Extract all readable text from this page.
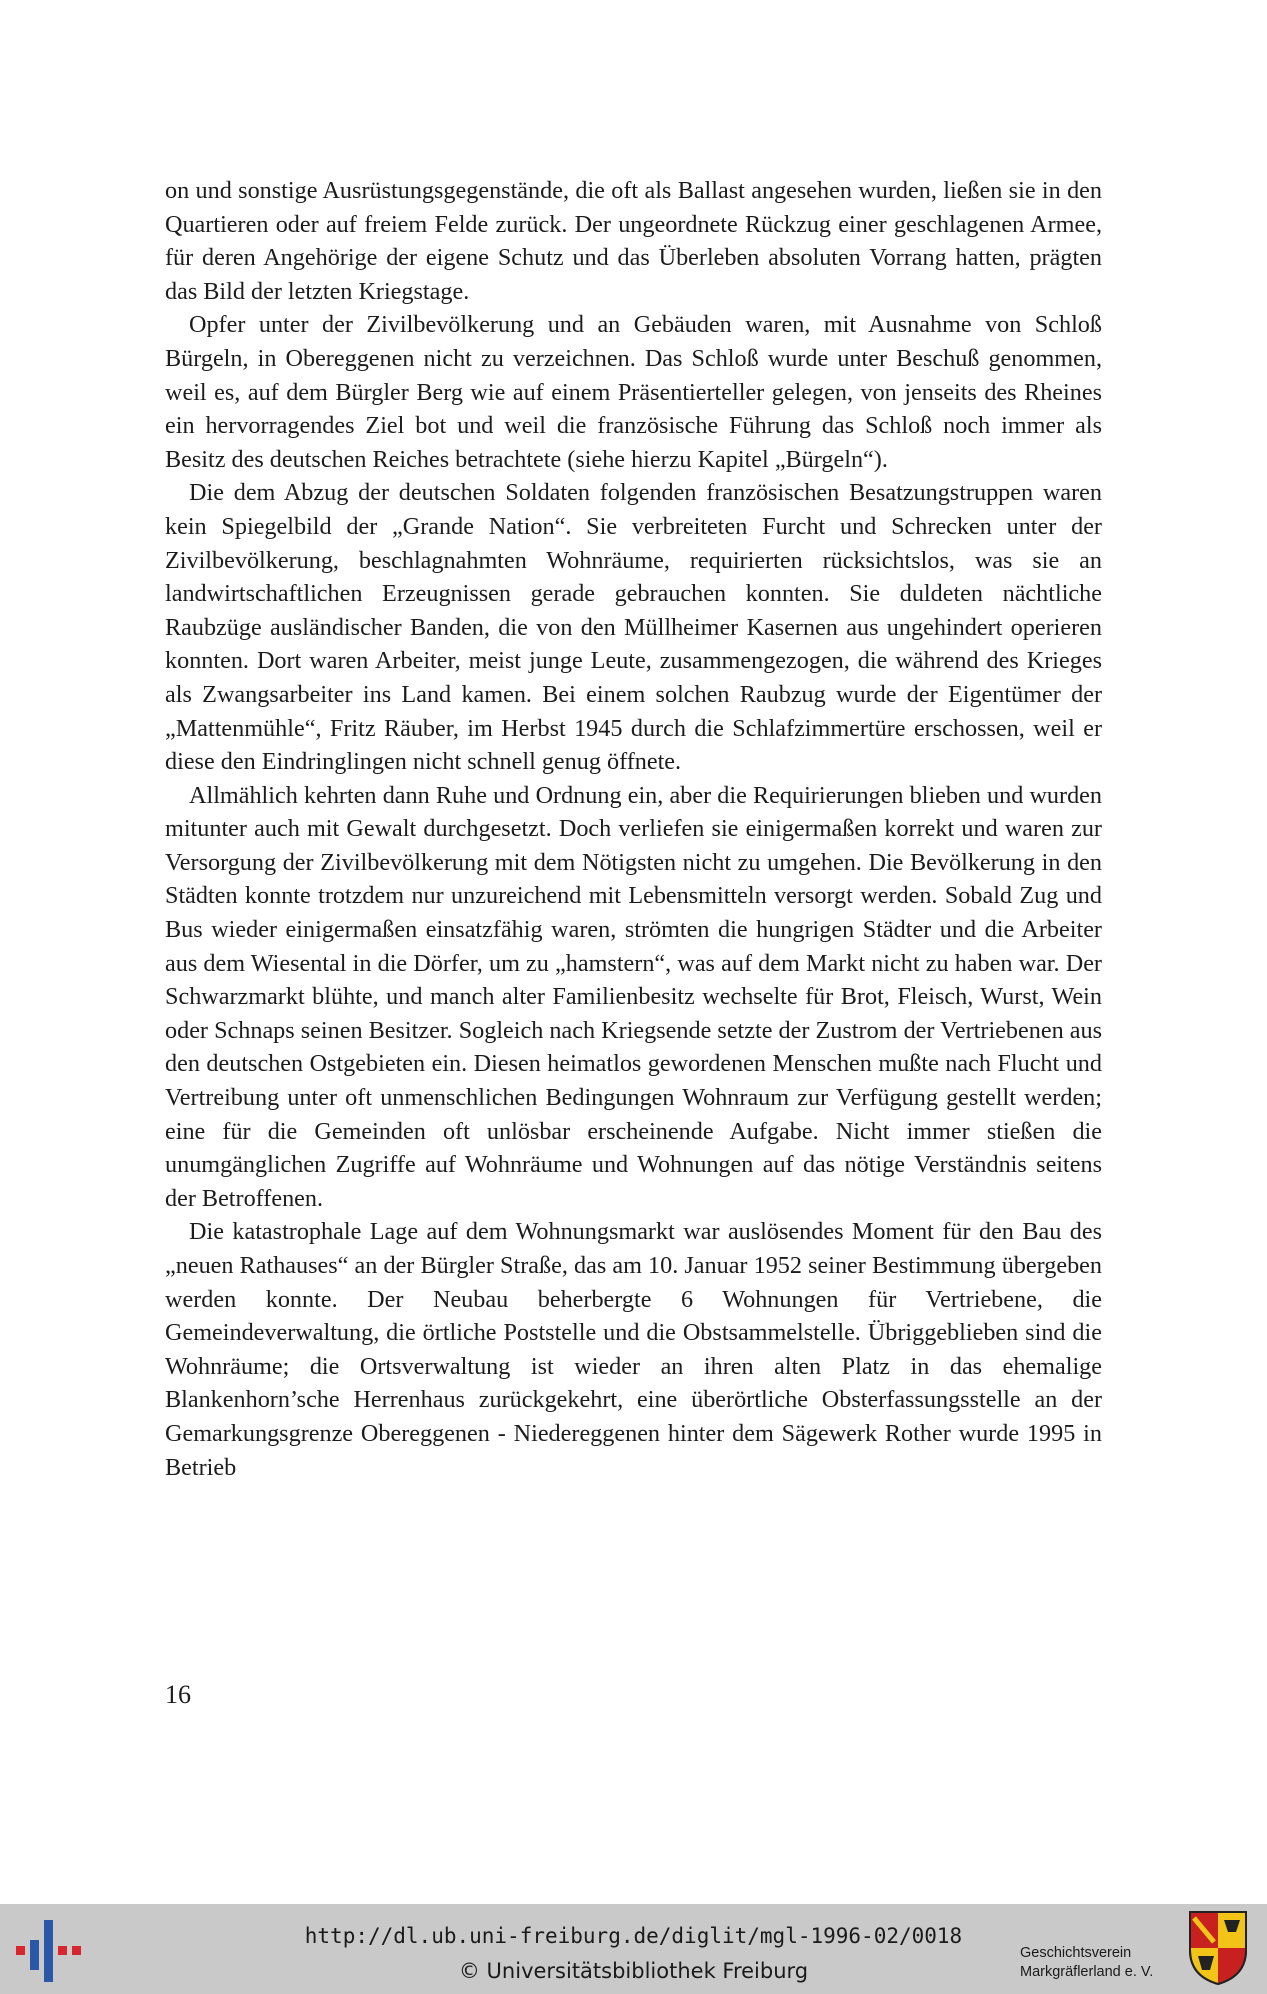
on und sonstige Ausrüstungsgegenstände, die oft als Ballast angesehen wurden, ließen sie in den Quartieren oder auf freiem Felde zurück. Der ungeordnete Rückzug einer geschlagenen Armee, für deren Angehörige der eigene Schutz und das Überleben absoluten Vorrang hatten, prägten das Bild der letzten Kriegstage.

Opfer unter der Zivilbevölkerung und an Gebäuden waren, mit Ausnahme von Schloß Bürgeln, in Obereggenen nicht zu verzeichnen. Das Schloß wurde unter Beschuß genommen, weil es, auf dem Bürgler Berg wie auf einem Präsentierteller gelegen, von jenseits des Rheines ein hervorragendes Ziel bot und weil die französische Führung das Schloß noch immer als Besitz des deutschen Reiches betrachtete (siehe hierzu Kapitel „Bürgeln“).

Die dem Abzug der deutschen Soldaten folgenden französischen Besatzungstruppen waren kein Spiegelbild der „Grande Nation“. Sie verbreiteten Furcht und Schrecken unter der Zivilbevölkerung, beschlagnahmten Wohnräume, requirierten rücksichtslos, was sie an landwirtschaftlichen Erzeugnissen gerade gebrauchen konnten. Sie duldeten nächtliche Raubzüge ausländischer Banden, die von den Müllheimer Kasernen aus ungehindert operieren konnten. Dort waren Arbeiter, meist junge Leute, zusammengezogen, die während des Krieges als Zwangsarbeiter ins Land kamen. Bei einem solchen Raubzug wurde der Eigentümer der „Mattenmühle“, Fritz Räuber, im Herbst 1945 durch die Schlafzimmertüre erschossen, weil er diese den Eindringlingen nicht schnell genug öffnete.

Allmählich kehrten dann Ruhe und Ordnung ein, aber die Requirierungen blieben und wurden mitunter auch mit Gewalt durchgesetzt. Doch verliefen sie einigermaßen korrekt und waren zur Versorgung der Zivilbevölkerung mit dem Nötigsten nicht zu umgehen. Die Bevölkerung in den Städten konnte trotzdem nur unzureichend mit Lebensmitteln versorgt werden. Sobald Zug und Bus wieder einigermaßen einsatzfähig waren, strömten die hungrigen Städter und die Arbeiter aus dem Wiesental in die Dörfer, um zu „hamstern“, was auf dem Markt nicht zu haben war. Der Schwarzmarkt blühte, und manch alter Familienbesitz wechselte für Brot, Fleisch, Wurst, Wein oder Schnaps seinen Besitzer. Sogleich nach Kriegsende setzte der Zustrom der Vertriebenen aus den deutschen Ostgebieten ein. Diesen heimatlos gewordenen Menschen mußte nach Flucht und Vertreibung unter oft unmenschlichen Bedingungen Wohnraum zur Verfügung gestellt werden; eine für die Gemeinden oft unlösbar erscheinende Aufgabe. Nicht immer stießen die unumgänglichen Zugriffe auf Wohnräume und Wohnungen auf das nötige Verständnis seitens der Betroffenen.

Die katastrophale Lage auf dem Wohnungsmarkt war auslösendes Moment für den Bau des „neuen Rathauses“ an der Bürgler Straße, das am 10. Januar 1952 seiner Bestimmung übergeben werden konnte. Der Neubau beherbergte 6 Wohnungen für Vertriebene, die Gemeindeverwaltung, die örtliche Poststelle und die Obstsammelstelle. Übriggeblieben sind die Wohnräume; die Ortsverwaltung ist wieder an ihren alten Platz in das ehemalige Blankenhorn’sche Herrenhaus zurückgekehrt, eine überörtliche Obsterfassungsstelle an der Gemarkungsgrenze Obereggenen - Niedereggenen hinter dem Sägewerk Rother wurde 1995 in Betrieb

16
http://dl.ub.uni-freiburg.de/diglit/mgl-1996-02/0018
© Universitätsbibliothek Freiburg
Geschichtsverein
Markgräflerland e. V.
